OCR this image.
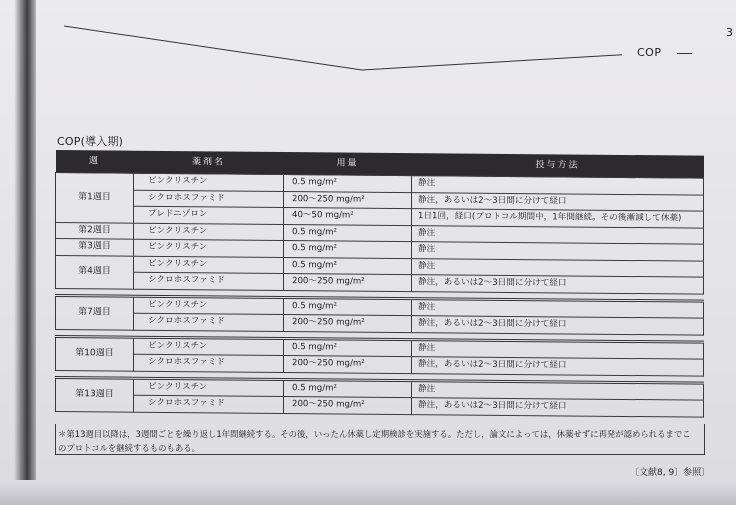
COP
3
COP(導入期)
週	薬剤名	用量	投与方法
第1週目	ビンクリスチン	0.5 mg/m²	静注
	シクロホスファミド	200〜250 mg/m²	静注，あるいは2〜3日間に分けて経口
	プレドニゾロン	40〜50 mg/m²	1日1回，経口(プロトコル期間中，1年間継続。その後漸減して休薬)
第2週目	ビンクリスチン	0.5 mg/m²	静注
第3週目	ビンクリスチン	0.5 mg/m²	静注
第4週目	ビンクリスチン	0.5 mg/m²	静注
	シクロホスファミド	200〜250 mg/m²	静注，あるいは2〜3日間に分けて経口

第7週目	ビンクリスチン	0.5 mg/m²	静注
	シクロホスファミド	200〜250 mg/m²	静注，あるいは2〜3日間に分けて経口

第10週目	ビンクリスチン	0.5 mg/m²	静注
	シクロホスファミド	200〜250 mg/m²	静注，あるいは2〜3日間に分けて経口

第13週目	ビンクリスチン	0.5 mg/m²	静注
	シクロホスファミド	200〜250 mg/m²	静注，あるいは2〜3日間に分けて経口
＊第13週目以降は，3週間ごとを繰り返し1年間継続する。その後，いったん休薬し定期検診を実施する。ただし，論文によっては，休薬せずに再発が認められるまでこのプロトコルを継続するものもある。
〔文献8, 9〕参照〕
